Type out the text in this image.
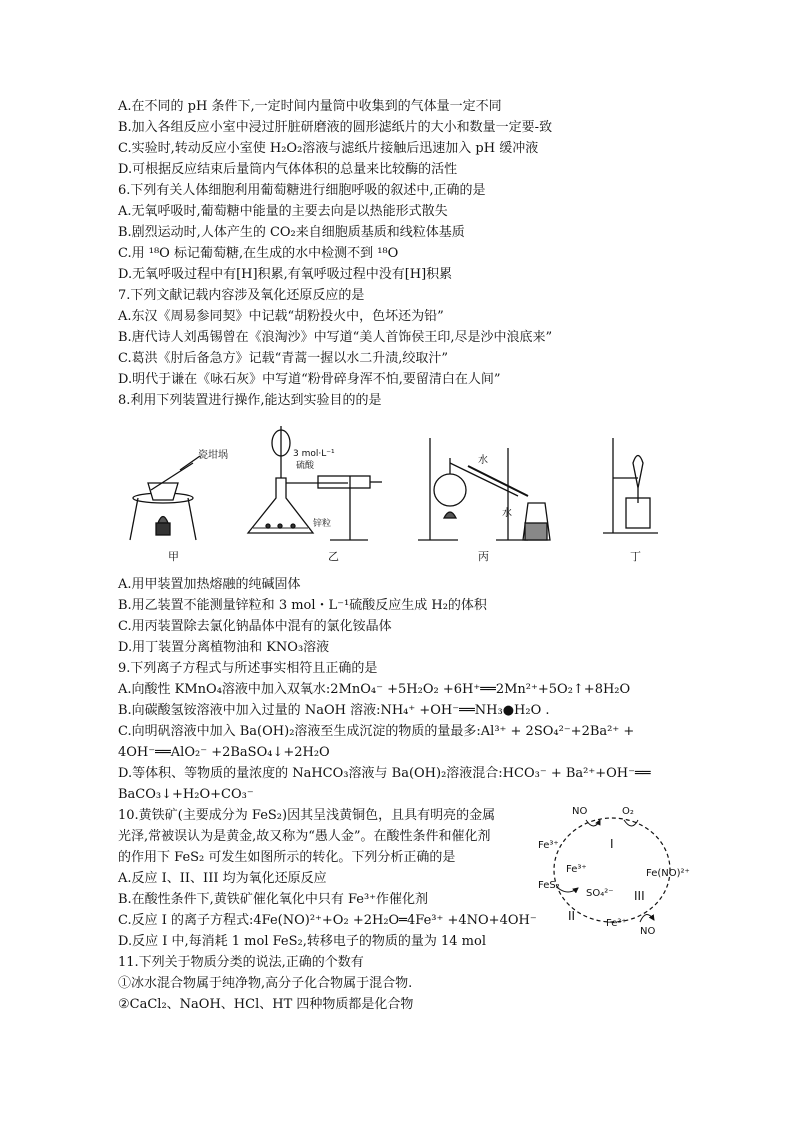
A.在不同的 pH 条件下,一定时间内量筒中收集到的气体量一定不同
B.加入各组反应小室中浸过肝脏研磨液的圆形滤纸片的大小和数量一定要-致
C.实验时,转动反应小室使 H₂O₂溶液与滤纸片接触后迅速加入 pH 缓冲液
D.可根据反应结束后量筒内气体体积的总量来比较酶的活性
6.下列有关人体细胞利用葡萄糖进行细胞呼吸的叙述中,正确的是
A.无氧呼吸时,葡萄糖中能量的主要去向是以热能形式散失
B.剧烈运动时,人体产生的 CO₂来自细胞质基质和线粒体基质
C.用 ¹⁸O 标记葡萄糖,在生成的水中检测不到 ¹⁸O
D.无氧呼吸过程中有[H]积累,有氧呼吸过程中没有[H]积累
7.下列文献记载内容涉及氧化还原反应的是
A.东汉《周易参同契》中记载“胡粉投火中，色坏还为铅”
B.唐代诗人刘禹锡曾在《浪淘沙》中写道“美人首饰侯王印,尽是沙中浪底来”
C.葛洪《肘后备急方》记载“青蒿一握以水二升渍,绞取汁”
D.明代于谦在《咏石灰》中写道“粉骨碎身浑不怕,要留清白在人间”
8.利用下列装置进行操作,能达到实验目的的是
瓷坩埚	3 mol·L⁻¹
硫酸
锌粒
水
水
甲	乙	丙	丁
A.用甲装置加热熔融的纯碱固体
B.用乙装置不能测量锌粒和 3 mol・L⁻¹硫酸反应生成 H₂的体积
C.用丙装置除去氯化钠晶体中混有的氯化铵晶体
D.用丁装置分离植物油和 KNO₃溶液
9.下列离子方程式与所述事实相符且正确的是
A.向酸性 KMnO₄溶液中加入双氧水:2MnO₄⁻ +5H₂O₂ +6H⁺══2Mn²⁺+5O₂↑+8H₂O
B.向碳酸氢铵溶液中加入过量的 NaOH 溶液:NH₄⁺ +OH⁻══NH₃●H₂O .
C.向明矾溶液中加入 Ba(OH)₂溶液至生成沉淀的物质的量最多:Al³⁺ + 2SO₄²⁻+2Ba²⁺ +
4OH⁻══AlO₂⁻ +2BaSO₄↓+2H₂O
D.等体积、等物质的量浓度的 NaHCO₃溶液与 Ba(OH)₂溶液混合:HCO₃⁻ + Ba²⁺+OH⁻══
BaCO₃↓+H₂O+CO₃⁻
10.黄铁矿(主要成分为 FeS₂)因其呈浅黄铜色，且具有明亮的金属
光泽,常被误认为是黄金,故又称为“愚人金”。在酸性条件和催化剂
的作用下 FeS₂ 可发生如图所示的转化。下列分析正确的是
A.反应 I、II、III 均为氧化还原反应
B.在酸性条件下,黄铁矿催化氧化中只有 Fe³⁺作催化剂
C.反应 I 的离子方程式:4Fe(NO)²⁺+O₂ +2H₂O═4Fe³⁺ +4NO+4OH⁻
D.反应 I 中,每消耗 1 mol FeS₂,转移电子的物质的量为 14 mol
11.下列关于物质分类的说法,正确的个数有
①冰水混合物属于纯净物,高分子化合物属于混合物.
②CaCl₂、NaOH、HCl、HT 四种物质都是化合物
NO	O₂
Fe³⁺
Fe³⁺
FeS₂
SO₄²⁻
Fe(NO)²⁺
Fe²⁺
NO
I
II
III
